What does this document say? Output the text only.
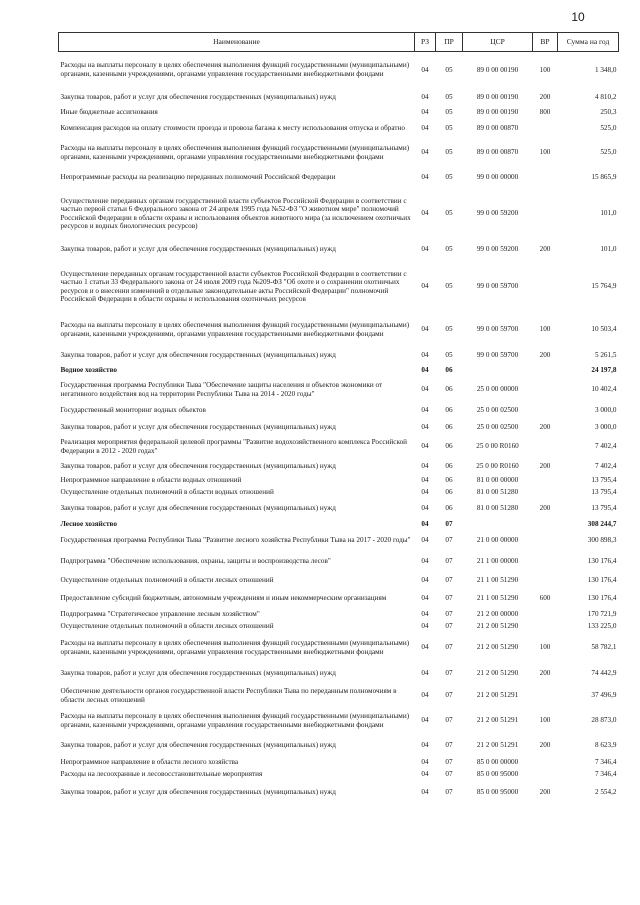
10
Наименование	РЗ	ПР	ЦСР	ВР	Сумма на год
Расходы на выплаты персоналу в целях обеспечения выполнения функций государственными (муниципальными) органами, казенными учреждениями, органами управления государственными внебюджетными фондами	04	05	89 0 00 00190	100	1 348,0
Закупка товаров, работ и услуг для обеспечения государственных (муниципальных) нужд	04	05	89 0 00 00190	200	4 810,2
Иные бюджетные ассигнования	04	05	89 0 00 00190	800	250,3
Компенсация расходов на оплату стоимости проезда и провоза багажа к месту использования отпуска и обратно	04	05	89 0 00 00870		525,0
Расходы на выплаты персоналу в целях обеспечения выполнения функций государственными (муниципальными) органами, казенными учреждениями, органами управления государственными внебюджетными фондами	04	05	89 0 00 00870	100	525,0
Непрограммные расходы на реализацию переданных полномочий Российской Федерации	04	05	99 0 00 00000		15 865,9
Осуществление переданных органам государственной власти субъектов Российской Федерации в соответствии с частью первой статьи 6 Федерального закона от 24 апреля 1995 года №52-ФЗ "О животном мире" полномочий Российской Федерации в области охраны и использования объектов животного мира (за исключением охотничьих ресурсов и водных биологических ресурсов)	04	05	99 0 00 59200		101,0
Закупка товаров, работ и услуг для обеспечения государственных (муниципальных) нужд	04	05	99 0 00 59200	200	101,0
Осуществление переданных органам государственной власти субъектов Российской Федерации в соответствии с частью 1 статьи 33 Федерального закона от 24 июля 2009 года №209-ФЗ "Об охоте и о сохранении охотничьих ресурсов и о внесении изменений в отдельные законодательные акты Российской Федерации" полномочий Российской Федерации в области охраны и использования охотничьих ресурсов	04	05	99 0 00 59700		15 764,9
Расходы на выплаты персоналу в целях обеспечения выполнения функций государственными (муниципальными) органами, казенными учреждениями, органами управления государственными внебюджетными фондами	04	05	99 0 00 59700	100	10 503,4
Закупка товаров, работ и услуг для обеспечения государственных (муниципальных) нужд	04	05	99 0 00 59700	200	5 261,5
Водное хозяйство	04	06			24 197,8
Государственная программа Республики Тыва "Обеспечение защиты населения и объектов экономики от негативного воздействия вод на территории Республики Тыва на 2014 - 2020 годы"	04	06	25 0 00 00000		10 402,4
Государственный мониторинг водных объектов	04	06	25 0 00 02500		3 000,0
Закупка товаров, работ и услуг для обеспечения государственных (муниципальных) нужд	04	06	25 0 00 02500	200	3 000,0
Реализация мероприятия федеральной целевой программы "Развитие водохозяйственного комплекса Российской Федерации в 2012 - 2020 годах"	04	06	25 0 00 R0160		7 402,4
Закупка товаров, работ и услуг для обеспечения государственных (муниципальных) нужд	04	06	25 0 00 R0160	200	7 402,4
Непрограммное направление в области водных отношений	04	06	81 0 00 00000		13 795,4
Осуществление отдельных полномочий в области водных отношений	04	06	81 0 00 51280		13 795,4
Закупка товаров, работ и услуг для обеспечения государственных (муниципальных) нужд	04	06	81 0 00 51280	200	13 795,4
Лесное хозяйство	04	07			308 244,7
Государственная программа Республики Тыва "Развитие лесного хозяйства Республики Тыва на 2017 - 2020 годы"	04	07	21 0 00 00000		300 898,3
Подпрограмма "Обеспечение использования, охраны, защиты и воспроизводства лесов"	04	07	21 1 00 00000		130 176,4
Осуществление отдельных полномочий в области лесных отношений	04	07	21 1 00 51290		130 176,4
Предоставление субсидий бюджетным, автономным учреждениям и иным некоммерческим организациям	04	07	21 1 00 51290	600	130 176,4
Подпрограмма "Стратегическое управление лесным хозяйством"	04	07	21 2 00 00000		170 721,9
Осуществление отдельных полномочий в области лесных отношений	04	07	21 2 00 51290		133 225,0
Расходы на выплаты персоналу в целях обеспечения выполнения функций государственными (муниципальными) органами, казенными учреждениями, органами управления государственными внебюджетными фондами	04	07	21 2 00 51290	100	58 782,1
Закупка товаров, работ и услуг для обеспечения государственных (муниципальных) нужд	04	07	21 2 00 51290	200	74 442,9
Обеспечение деятельности органов государственной власти Республики Тыва по переданным полномочиям в области лесных отношений	04	07	21 2 00 51291		37 496,9
Расходы на выплаты персоналу в целях обеспечения выполнения функций государственными (муниципальными) органами, казенными учреждениями, органами управления государственными внебюджетными фондами	04	07	21 2 00 51291	100	28 873,0
Закупка товаров, работ и услуг для обеспечения государственных (муниципальных) нужд	04	07	21 2 00 51291	200	8 623,9
Непрограммное направление в области лесного хозяйства	04	07	85 0 00 00000		7 346,4
Расходы на лесоохранные и лесовосстановительные мероприятия	04	07	85 0 00 95000		7 346,4
Закупка товаров, работ и услуг для обеспечения государственных (муниципальных) нужд	04	07	85 0 00 95000	200	2 554,2
